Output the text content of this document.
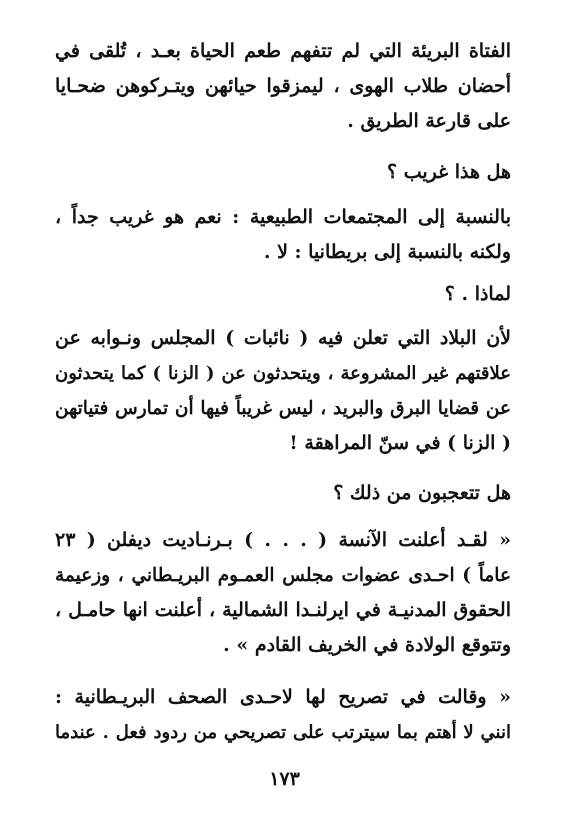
الفتاة البريئة التي لم تتفهم طعم الحياة بعـد ، تُلقى في
أحضان طلاب الهوى ، ليمزقوا حيائهن ويتـركوهن ضحـايا
على قارعة الطريق .

هل هذا غريب ؟

بالنسبة إلى المجتمعات الطبيعية : نعم هو غريب جداً ،
ولكنه بالنسبة إلى بريطانيا : لا .

لماذا . ؟

لأن البلاد التي تعلن فيه ( نائبات ) المجلس ونـوابه عن
علاقتهم غير المشروعة ، ويتحدثون عن ( الزنا ) كما يتحدثون
عن قضايا البرق والبريد ، ليس غريباً فيها أن تمارس فتياتهن
( الزنا ) في سنّ المراهقة !

هل تتعجبون من ذلك ؟

« لقـد أعلنت الآنسة ( . . . ) بـرنـاديت ديفلن ( ٢٣
عاماً ) احـدى عضوات مجلس العمـوم البريـطاني ، وزعيمة
الحقوق المدنيـة في ايرلنـدا الشمالية ، أعلنت انها حامـل ،
وتتوقع الولادة في الخريف القادم » .

« وقالت في تصريح لها لاحـدى الصحف البريـطانية :
انني لا أهتم بما سيترتب على تصريحي من ردود فعل . عندما

١٧٣
